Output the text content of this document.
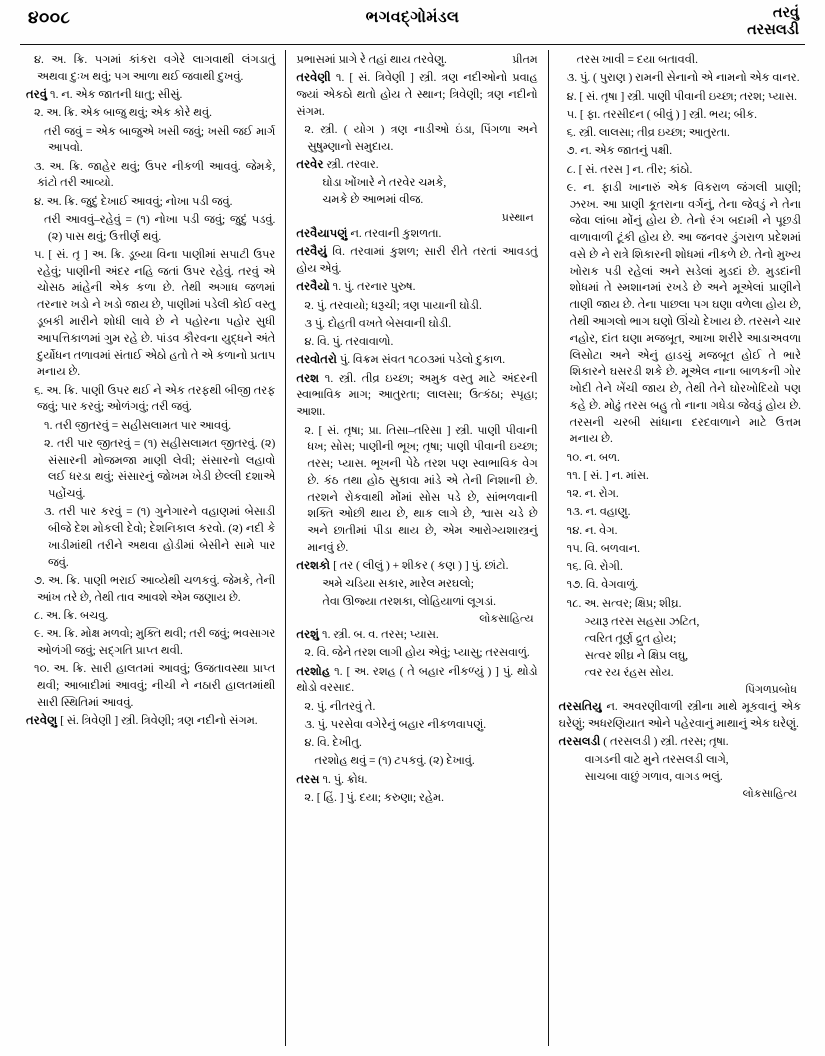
૪૦૦૮	ભગવદ્ગોમંડલ	તરવું
તરસલડી
૪. અ. ક્રિ. પગમાં કાંકરા વગેરે લાગવાથી લંગડાતું અથવા દુઃખ થવું; પગ આળા થઈ જવાથી દુખવું.
તરવું ૧. ન. એક જાતની ધાતુ; સીસું.
૨. અ. ક્રિ. એક બાજુ થવું; એક કોરે થવું.
તરી જવું = એક બાજુએ ખસી જવું; ખસી જઈ માર્ગ આપવો.
૩. અ. ક્રિ. જાહેર થવું; ઉપર નીકળી આવવું. જેમકે, કાંટો તરી આવ્યો.
૪. અ. ક્રિ. જુદું દેખાઈ આવવું; નોખા પડી જવું.
તરી આવવું–રહેવું = (૧) નોખા પડી જવું; જુદું પડવું. (૨) પાસ થવું; ઉત્તીર્ણ થવું.
૫. [ સં. તૃ ] અ. ક્રિ. ડૂબ્યા વિના પાણીમાં સપાટી ઉપર રહેવું; પાણીની અંદર નહિ જતાં ઉપર રહેવું. તરવું એ ચોસઠ માંહેની એક કળા છે. તેથી અગાધ જળમાં તરનાર ખડો ને ખડો જાય છે, પાણીમાં પડેલી કોઈ વસ્તુ ડૂબકી મારીને શોધી લાવે છે ને પહોરના પહોર સુધી આપત્તિકાળમાં ગુમ રહે છે. પાંડવ કૌરવના યુદ્ધને અંતે દુર્યોધન તળાવમાં સંતાઈ એઠો હતો તે એ કળાનો પ્રતાપ મનાય છે.
૬. અ. ક્રિ. પાણી ઉપર થઈ ને એક તરફથી બીજી તરફ જવું; પાર કરવું; ઓળંગવું; તરી જવું.
૧. તરી જીતરવું = સહીસલામત પાર આવવું.
૨. તરી પાર જીતરવું = (૧) સહીસલામત જીતરવું. (૨) સંસારની મોજમજા માણી લેવી; સંસારનો લહાવો લઈ ધરડા થવું; સંસારનું જોખમ ખેડી છેલ્લી દશાએ પહોંચવું.
૩. તરી પાર કરવું = (૧) ગુનેગારને વહાણમાં બેસાડી બીજે દેશ મોકલી દેવો; દેશનિકાલ કરવો. (૨) નદી કે ખાડીમાંથી તરીને અથવા હોડીમાં બેસીને સામે પાર જવું.
૭. અ. ક્રિ. પાણી ભરાઈ આવ્યેથી ચળકવું. જેમકે, તેની આંખ તરે છે, તેથી તાવ આવશે એમ જણાય છે.
૮. અ. ક્રિ. બચવુ.
૯. અ. ક્રિ. મોક્ષ મળવો; મુક્તિ થવી; તરી જવું; ભવસાગર ઓળંગી જવું; સદ્ગતિ પ્રાપ્ત થવી.
૧૦. અ. ક્રિ. સારી હાલતમાં આવવું; ઉજતાવસ્થા પ્રાપ્ત થવી; આબાદીમાં આવવું; નીચી ને નઠારી હાલતમાંથી સારી સ્થિતિમાં આવવું.
તરવેણુ [ સં. ત્રિવેણી ] સ્ત્રી. ત્રિવેણી; ત્રણ નદીનો સંગમ.
પ્રીતમ
પ્રભાસમાં પ્રાગે રે તહાં થાય તરવેણુ.
તરવેણી ૧. [ સં. ત્રિવેણી ] સ્ત્રી. ત્રણ નદીઓનો પ્રવાહ જ્યાં એકઠો થતો હોય તે સ્થાન; ત્રિવેણી; ત્રણ નદીનો સંગમ.
૨. સ્ત્રી. ( યોગ ) ત્રણ નાડીઓ ઇંડા, પિંગળા અને સુષુમ્ણાનો સમુદાય.
તરવેર સ્ત્રી. તરવાર.
ઘોડા ખોંખારે ને તરવેર ચમકે,
ચમકે છે આભમાં વીજ.
પ્રસ્થાન
તરવૈયાપણું ન. તરવાની કુશળતા.
તરવૈયું વિ. તરવામાં કુશળ; સારી રીતે તરતાં આવડતું હોય એવું.
તરવૈયો ૧. પું. તરનાર પુરુષ.
૨. પું. તરવાયો; ધરૂચી; ત્રણ પાયાની ઘોડી.
૩ પું. દોહતી વખતે બેસવાની ઘોડી.
૪. વિ. પું. તરવાવાળો.
તરવોતરો પું. વિક્રમ સંવત ૧૮૦૩માં પડેલો દુકાળ.
તરશ ૧. સ્ત્રી. તીવ્ર ઇચ્છા; અમુક વસ્તુ માટે અંદરની સ્વાભાવિક માગ; આતુરતા; લાલસા; ઉત્કંઠા; સ્પૃહા; આશા.
૨. [ સં. તૃષા; પ્રા. તિસા–તરિસા ] સ્ત્રી. પાણી પીવાની ધખ; સોસ; પાણીની ભૂખ; તૃષા; પાણી પીવાની ઇચ્છા; તરસ; પ્યાસ. ભૂખની પેઠે તરશ પણ સ્વાભાવિક વેગ છે. કંઠ તથા હોઠ સુકાવા માંડે એ તેની નિશાની છે. તરશને રોકવાથી મોંમાં સોસ પડે છે, સાંભળવાની શક્તિ ઓછી થાય છે, થાક લાગે છે, શ્વાસ ચડે છે અને છાતીમાં પીડા થાય છે, એમ આરોગ્યશાસ્ત્રનું માનવું છે.
તરશકો [ તર ( લીલું ) + શીકર ( કણ ) ] પું. છાંટો.
અમે ચડિયા સકાર, મારેલ મરઘલો;
તેવા ઊજ્યા તરશકા, લોહિયાળાં લૂગડાં.
લોકસાહિત્ય
તરશું ૧. સ્ત્રી. બ. વ. તરસ; પ્યાસ.
૨. વિ. જેને તરશ લાગી હોય એવું; પ્યાસુ; તરસવાળું.
તરશોહ ૧. [ અ. રશહ ( તે બહાર નીકળ્યું ) ] પું. થોડો થોડો વરસાદ.
૨. પું. નીતરવું તે.
૩. પું. પરસેવા વગેરેનું બહાર નીકળવાપણું.
૪. વિ. દેખીતુ.
તરશોહ થવું = (૧) ટપકવું. (૨) દેખાવું.
તરસ ૧. પું. ક્રોધ.
૨. [ હિં. ] પું. દયા; કરુણા; રહેમ.
તરસ ખાવી = દયા બતાવવી.
૩. પું. ( પુરાણ ) રામની સેનાનો એ નામનો એક વાનર.
૪. [ સં. તૃષા ] સ્ત્રી. પાણી પીવાની ઇચ્છા; તરશ; પ્યાસ.
૫. [ ફા. તરસીદન ( બીવું ) ] સ્ત્રી. ભય; બીક.
૬. સ્ત્રી. લાલસા; તીવ્ર ઇચ્છા; આતુરતા.
૭. ન. એક જાતનું પક્ષી.
૮. [ સં. તરસ ] ન. તીર; કાંઠો.
૯. ન. ફાડી ખાનારું એક વિકરાળ જંગલી પ્રાણી; ઝરખ. આ પ્રાણી કૂતરાના વર્ગનું, તેના જેવડું ને તેના જેવા લાંબા મોંનું હોય છે. તેનો રંગ બદામી ને પૂછડી વાળાવાળી ટૂંકી હોય છે. આ જનવર ડુંગરાળ પ્રદેશમાં વસે છે ને રાત્રે શિકારની શોધમાં નીકળે છે. તેનો મુખ્ય ખોરાક પડી રહેલાં અને સડેલાં મુડદાં છે. મુડદાંની શોધમાં તે સ્મશાનમાં રખડે છે અને મૂએલાં પ્રાણીને તાણી જાય છે. તેના પાછલા પગ ઘણા વળેલા હોય છે, તેથી આગલો ભાગ ઘણો ઊંચો દેખાય છે. તરસને ચાર નહોર, દાંત ઘણા મજબૂત, આખા શરીરે આડાઅવળા લિસોટા અને એનું હાડચું મજબૂત હોઈ તે ભારે શિકારને ઘસરડી શકે છે. મૂએલ નાના બાળકની ગોર ખોદી તેને ખેંચી જાય છે, તેથી તેને ઘોરખોદિયો પણ કહે છે. મોઢું તરસ બહુ તો નાના ગધેડા જેવડું હોય છે. તરસની ચરબી સાંધાના દરદવાળાને માટે ઉત્તમ મનાય છે.
૧૦. ન. બળ.
૧૧. [ સં. ] ન. માંસ.
૧૨. ન. રોગ.
૧૩. ન. વહાણુ.
૧૪. ન. વેગ.
૧૫. વિ. બળવાન.
૧૬. વિ. રોગી.
૧૭. વિ. વેગવાળું.
૧૮. અ. સત્વર; ક્ષિપ્ર; શીઘ્ર.
ગ્યારૂ તરસ સહસા ઝટિત,
ત્વરિત તૂર્ણ દ્રુત હોય;
સત્વર શીઘ્ર ને ક્ષિપ્ર લઘુ,
ત્વર રય રંહસ સોય.
પિંગળપ્રબોધ
તરસતિયુ ન. અવરણીવાળી સ્ત્રીના માથે મૂકવાનું એક ઘરેણું; અધરણિયાત ઓને પહેરવાનું માથાનું એક ઘરેણું.
તરસલડી ( તરસલડી ) સ્ત્રી. તરસ; તૃષા.
વાગડની વાટે મુને તરસલડી લાગે,
સાચબા વાછું ગળાવ, વાગડ ભલું.
લોકસાહિત્ય
